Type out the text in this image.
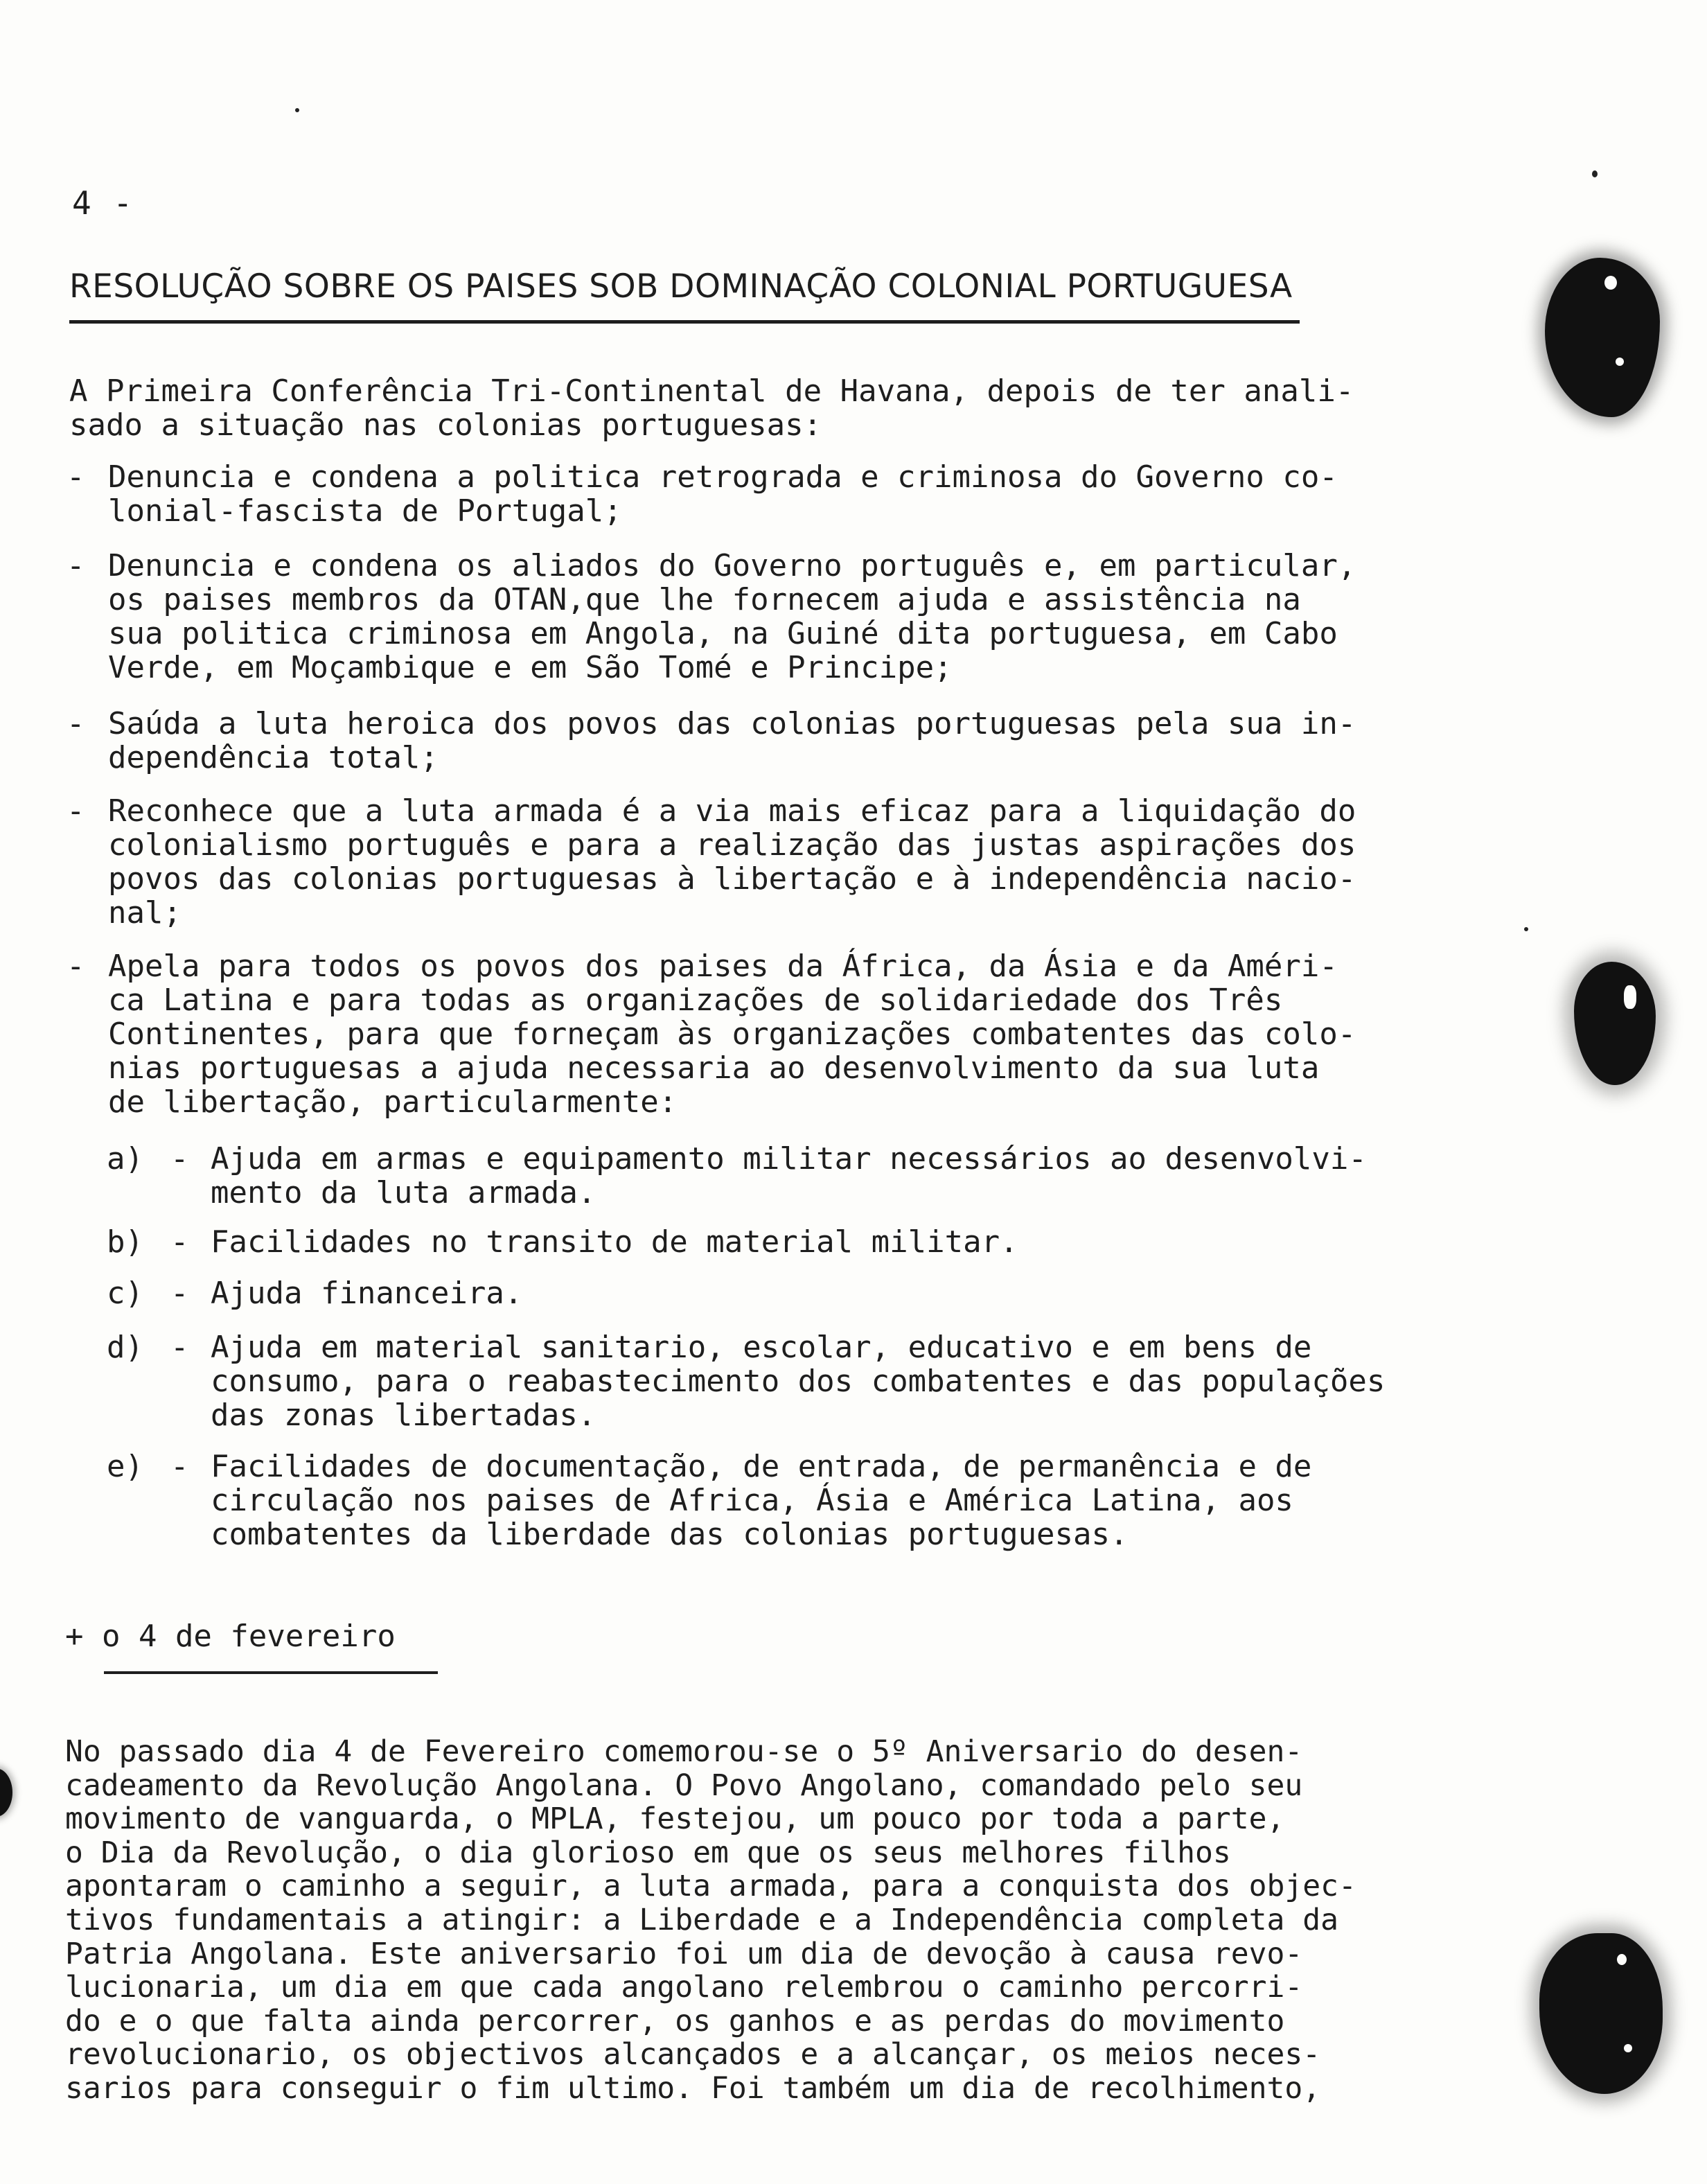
4 -
RESOLUÇÃO SOBRE OS PAISES SOB DOMINAÇÃO COLONIAL PORTUGUESA
A Primeira Conferência Tri-Continental de Havana, depois de ter anali-
sado a situação nas colonias portuguesas:
- Denuncia e condena a politica retrograda e criminosa do Governo co-
lonial-fascista de Portugal;
- Denuncia e condena os aliados do Governo português e, em particular,
os paises membros da OTAN,que lhe fornecem ajuda e assistência na
sua politica criminosa em Angola, na Guiné dita portuguesa, em Cabo
Verde, em Moçambique e em São Tomé e Principe;
- Saúda a luta heroica dos povos das colonias portuguesas pela sua in-
dependência total;
- Reconhece que a luta armada é a via mais eficaz para a liquidação do
colonialismo português e para a realização das justas aspirações dos
povos das colonias portuguesas à libertação e à independência nacio-
nal;
- Apela para todos os povos dos paises da África, da Ásia e da Améri-
ca Latina e para todas as organizações de solidariedade dos Três
Continentes, para que forneçam às organizações combatentes das colo-
nias portuguesas a ajuda necessaria ao desenvolvimento da sua luta
de libertação, particularmente:
a) - Ajuda em armas e equipamento militar necessários ao desenvolvi-
mento da luta armada.
b) - Facilidades no transito de material militar.
c) - Ajuda financeira.
d) - Ajuda em material sanitario, escolar, educativo e em bens de
consumo, para o reabastecimento dos combatentes e das populações
das zonas libertadas.
e) - Facilidades de documentação, de entrada, de permanência e de
circulação nos paises de Africa, Ásia e América Latina, aos
combatentes da liberdade das colonias portuguesas.
+ o 4 de fevereiro
No passado dia 4 de Fevereiro comemorou-se o 5º Aniversario do desen-
cadeamento da Revolução Angolana. O Povo Angolano, comandado pelo seu
movimento de vanguarda, o MPLA, festejou, um pouco por toda a parte,
o Dia da Revolução, o dia glorioso em que os seus melhores filhos
apontaram o caminho a seguir, a luta armada, para a conquista dos objec-
tivos fundamentais a atingir: a Liberdade e a Independência completa da
Patria Angolana. Este aniversario foi um dia de devoção à causa revo-
lucionaria, um dia em que cada angolano relembrou o caminho percorri-
do e o que falta ainda percorrer, os ganhos e as perdas do movimento
revolucionario, os objectivos alcançados e a alcançar, os meios neces-
sarios para conseguir o fim ultimo. Foi também um dia de recolhimento,
